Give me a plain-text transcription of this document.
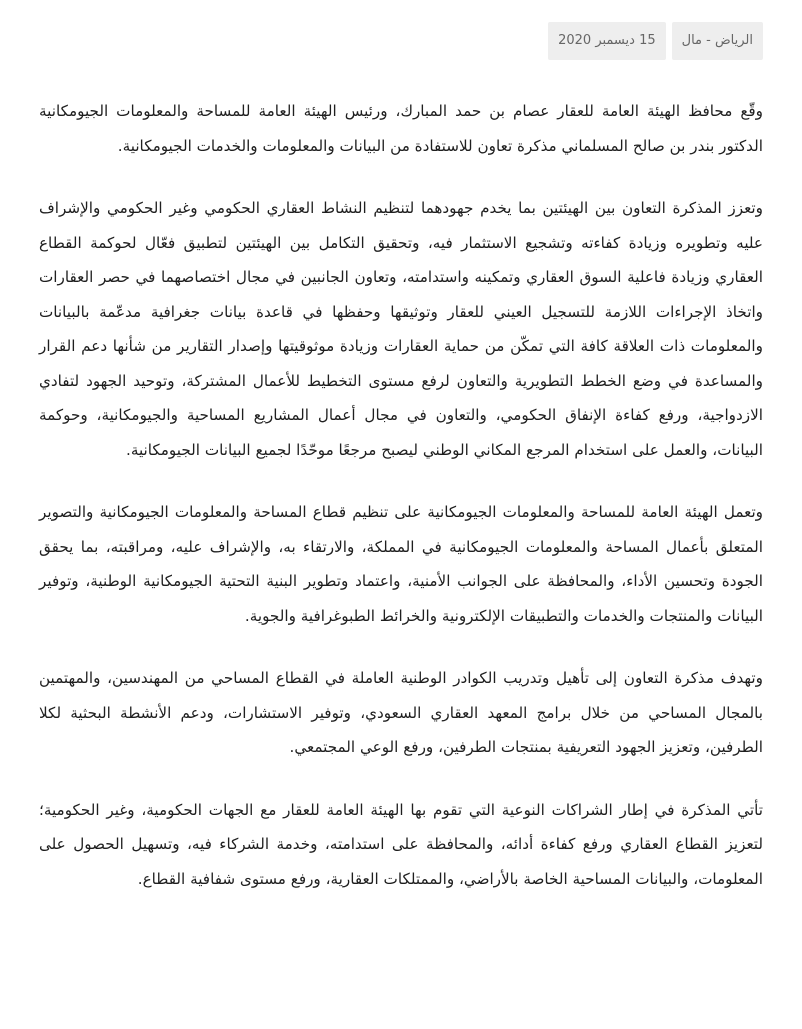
الرياض - مال
15 ديسمبر 2020

وقّع محافظ الهيئة العامة للعقار عصام بن حمد المبارك، ورئيس الهيئة العامة للمساحة والمعلومات الجيومكانية الدكتور بندر بن صالح المسلماني مذكرة تعاون للاستفادة من البيانات والمعلومات والخدمات الجيومكانية.

وتعزز المذكرة التعاون بين الهيئتين بما يخدم جهودهما لتنظيم النشاط العقاري الحكومي وغير الحكومي والإشراف عليه وتطويره وزيادة كفاءته وتشجيع الاستثمار فيه، وتحقيق التكامل بين الهيئتين لتطبيق فعّال لحوكمة القطاع العقاري وزيادة فاعلية السوق العقاري وتمكينه واستدامته، وتعاون الجانبين في مجال اختصاصهما في حصر العقارات واتخاذ الإجراءات اللازمة للتسجيل العيني للعقار وتوثيقها وحفظها في قاعدة بيانات جغرافية مدعّمة بالبيانات والمعلومات ذات العلاقة كافة التي تمكّن من حماية العقارات وزيادة موثوقيتها وإصدار التقارير من شأنها دعم القرار والمساعدة في وضع الخطط التطويرية والتعاون لرفع مستوى التخطيط للأعمال المشتركة، وتوحيد الجهود لتفادي الازدواجية، ورفع كفاءة الإنفاق الحكومي، والتعاون في مجال أعمال المشاريع المساحية والجيومكانية، وحوكمة البيانات، والعمل على استخدام المرجع المكاني الوطني ليصبح مرجعًا موحّدًا لجميع البيانات الجيومكانية.

وتعمل الهيئة العامة للمساحة والمعلومات الجيومكانية على تنظيم قطاع المساحة والمعلومات الجيومكانية والتصوير المتعلق بأعمال المساحة والمعلومات الجيومكانية في المملكة، والارتقاء به، والإشراف عليه، ومراقبته، بما يحقق الجودة وتحسين الأداء، والمحافظة على الجوانب الأمنية، واعتماد وتطوير البنية التحتية الجيومكانية الوطنية، وتوفير البيانات والمنتجات والخدمات والتطبيقات الإلكترونية والخرائط الطبوغرافية والجوية.

وتهدف مذكرة التعاون إلى تأهيل وتدريب الكوادر الوطنية العاملة في القطاع المساحي من المهندسين، والمهتمين بالمجال المساحي من خلال برامج المعهد العقاري السعودي، وتوفير الاستشارات، ودعم الأنشطة البحثية لكلا الطرفين، وتعزيز الجهود التعريفية بمنتجات الطرفين، ورفع الوعي المجتمعي.

تأتي المذكرة في إطار الشراكات النوعية التي تقوم بها الهيئة العامة للعقار مع الجهات الحكومية، وغير الحكومية؛ لتعزيز القطاع العقاري ورفع كفاءة أدائه، والمحافظة على استدامته، وخدمة الشركاء فيه، وتسهيل الحصول على المعلومات، والبيانات المساحية الخاصة بالأراضي، والممتلكات العقارية، ورفع مستوى شفافية القطاع.
